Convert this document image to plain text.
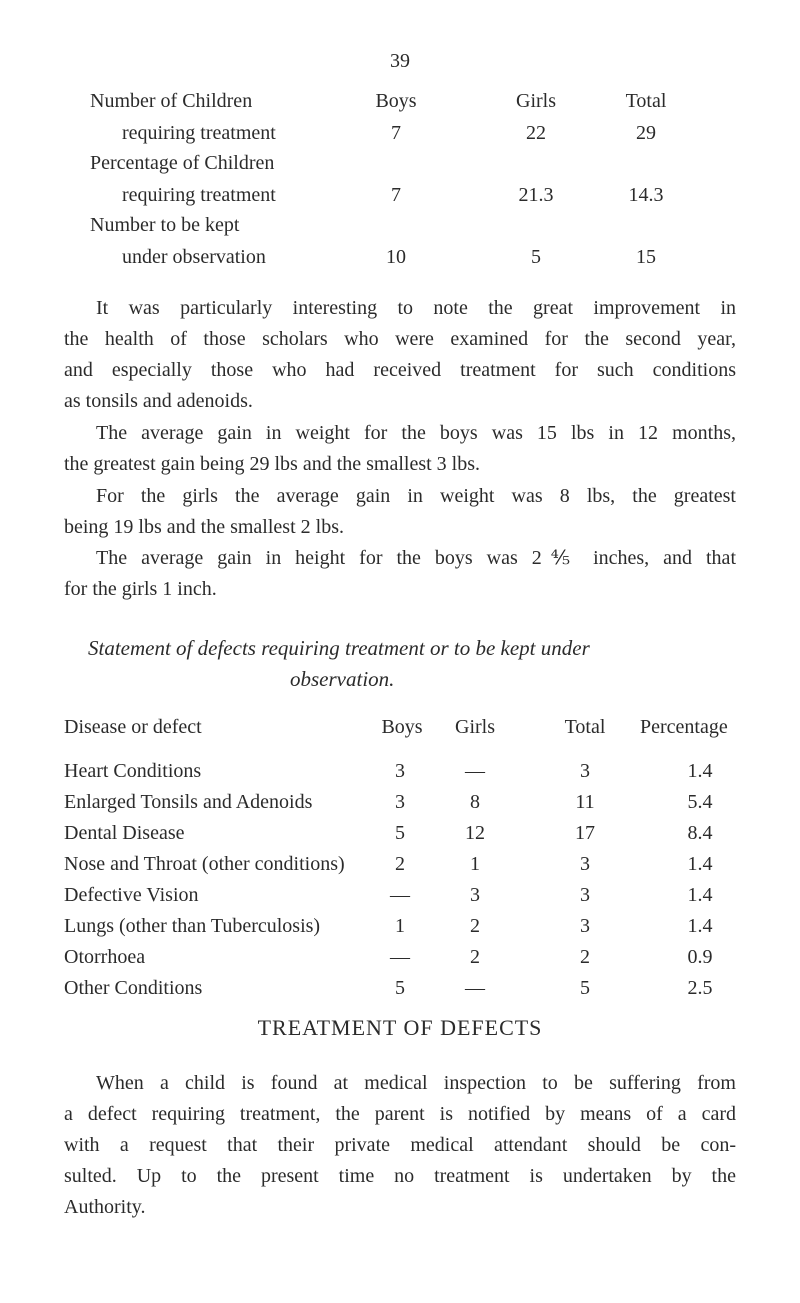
39
Number of Children	Boys	Girls	Total
requiring treatment	7	22	29
Percentage of Children
requiring treatment	7	21.3	14.3
Number to be kept
under observation	10	5	15

It was particularly interesting to note the great improvement in
the health of those scholars who were examined for the second year,
and especially those who had received treatment for such conditions
as tonsils and adenoids.

The average gain in weight for the boys was 15 lbs in 12 months,
the greatest gain being 29 lbs and the smallest 3 lbs.

For the girls the average gain in weight was 8 lbs, the greatest
being 19 lbs and the smallest 2 lbs.

The average gain in height for the boys was 2⅘ inches, and that
for the girls 1 inch.

Statement of defects requiring treatment or to be kept under
observation.
Disease or defect	Boys	Girls	Total	Percentage
Heart Conditions	3	—	3	1.4
Enlarged Tonsils and Adenoids	3	8	11	5.4
Dental Disease	5	12	17	8.4
Nose and Throat (other conditions)	2	1	3	1.4
Defective Vision	—	3	3	1.4
Lungs (other than Tuberculosis)	1	2	3	1.4
Otorrhoea	—	2	2	0.9
Other Conditions	5	—	5	2.5
TREATMENT OF DEFECTS

When a child is found at medical inspection to be suffering from
a defect requiring treatment, the parent is notified by means of a card
with a request that their private medical attendant should be con-
sulted. Up to the present time no treatment is undertaken by the
Authority.
